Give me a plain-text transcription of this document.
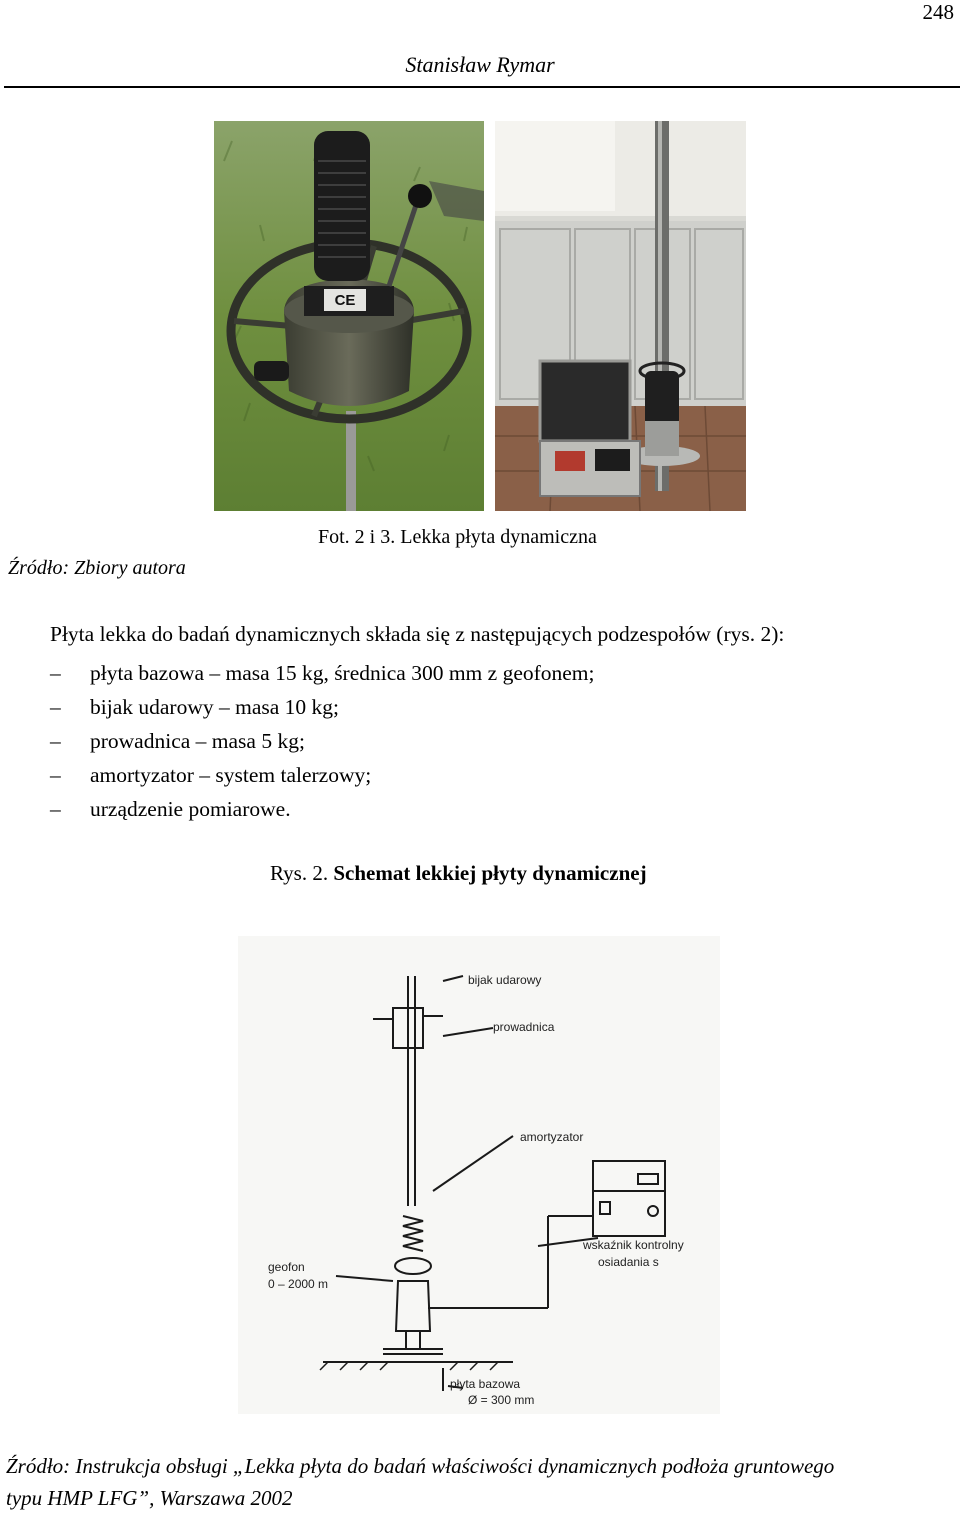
248
Stanisław Rymar
CE
Fot. 2 i 3. Lekka płyta dynamiczna
Źródło: Zbiory autora
Płyta lekka do badań dynamicznych składa się z następujących podzespołów (rys. 2):
– płyta bazowa – masa 15 kg, średnica 300 mm z geofonem;
– bijak udarowy – masa 10 kg;
– prowadnica – masa 5 kg;
– amortyzator – system talerzowy;
– urządzenie pomiarowe.
Rys. 2. Schemat lekkiej płyty dynamicznej
bijak udarowy
prowadnica
amortyzator
wskaźnik kontrolny
osiadania s
geofon
0 – 2000 m
płyta bazowa
Ø = 300 mm
Źródło: Instrukcja obsługi „Lekka płyta do badań właściwości dynamicznych podłoża gruntowego
typu HMP LFG”, Warszawa 2002
